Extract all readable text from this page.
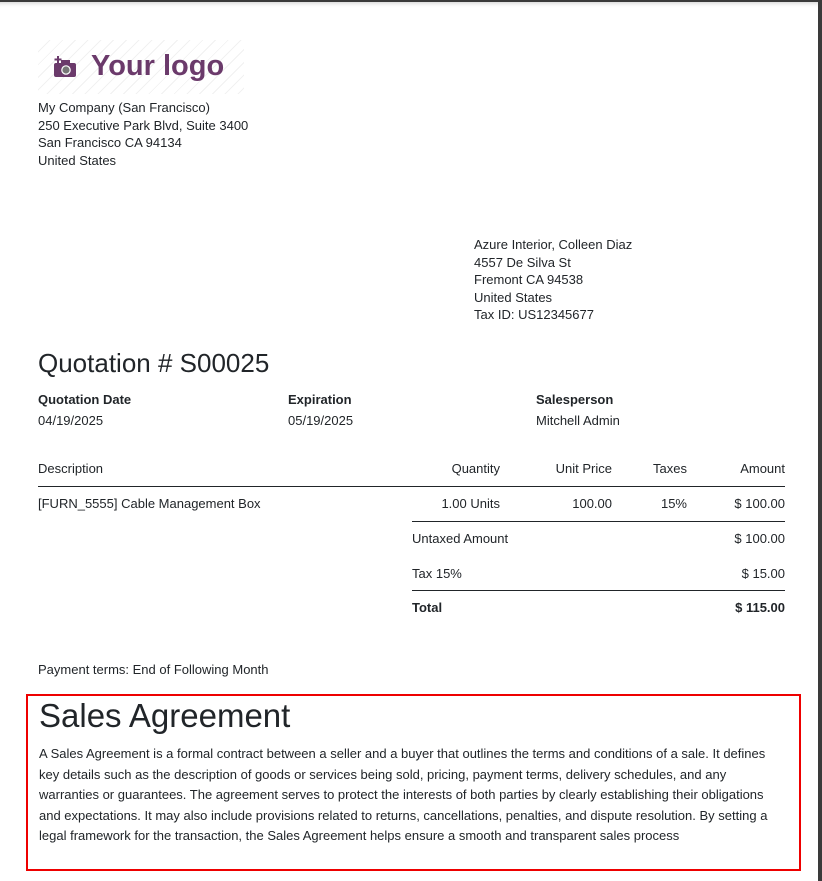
Your logo
My Company (San Francisco)
250 Executive Park Blvd, Suite 3400
San Francisco CA 94134
United States
Azure Interior, Colleen Diaz
4557 De Silva St
Fremont CA 94538
United States
Tax ID: US12345677
Quotation # S00025
Quotation Date
04/19/2025
Expiration
05/19/2025
Salesperson
Mitchell Admin
Description	Quantity	Unit Price	Taxes	Amount
[FURN_5555] Cable Management Box	1.00 Units	100.00	15%	$ 100.00
Untaxed Amount	$ 100.00
Tax 15%	$ 15.00
Total	$ 115.00
Payment terms: End of Following Month
Sales Agreement

A Sales Agreement is a formal contract between a seller and a buyer that outlines the terms and conditions of a sale. It defines key details such as the description of goods or services being sold, pricing, payment terms, delivery schedules, and any warranties or guarantees. The agreement serves to protect the interests of both parties by clearly establishing their obligations and expectations. It may also include provisions related to returns, cancellations, penalties, and dispute resolution. By setting a legal framework for the transaction, the Sales Agreement helps ensure a smooth and transparent sales process
